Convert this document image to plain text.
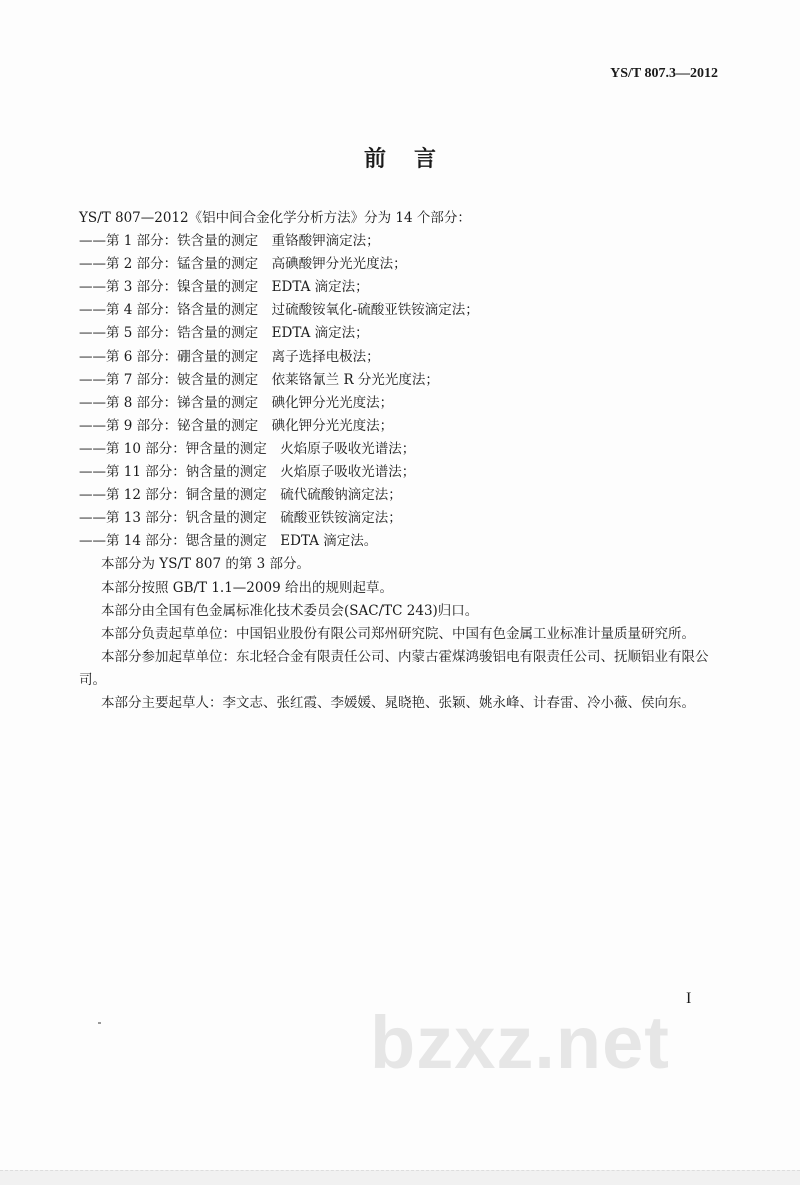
YS/T 807.3—2012
前言
YS/T 807—2012《铝中间合金化学分析方法》分为 14 个部分：
——第 1 部分：铁含量的测定　 重铬酸钾滴定法；
——第 2 部分：锰含量的测定　 高碘酸钾分光光度法；
——第 3 部分：镍含量的测定　 EDTA 滴定法；
——第 4 部分：铬含量的测定　 过硫酸铵氧化-硫酸亚铁铵滴定法；
——第 5 部分：锆含量的测定　 EDTA 滴定法；
——第 6 部分：硼含量的测定　 离子选择电极法；
——第 7 部分：铍含量的测定　 依莱铬氰兰 R 分光光度法；
——第 8 部分：锑含量的测定　 碘化钾分光光度法；
——第 9 部分：铋含量的测定　 碘化钾分光光度法；
——第 10 部分：钾含量的测定　 火焰原子吸收光谱法；
——第 11 部分：钠含量的测定　 火焰原子吸收光谱法；
——第 12 部分：铜含量的测定　 硫代硫酸钠滴定法；
——第 13 部分：钒含量的测定　 硫酸亚铁铵滴定法；
——第 14 部分：锶含量的测定　 EDTA 滴定法。
本部分为 YS/T 807 的第 3 部分。
本部分按照 GB/T 1.1—2009 给出的规则起草。
本部分由全国有色金属标准化技术委员会(SAC/TC 243)归口。
本部分负责起草单位：中国铝业股份有限公司郑州研究院、中国有色金属工业标准计量质量研究所。
本部分参加起草单位：东北轻合金有限责任公司、内蒙古霍煤鸿骏铝电有限责任公司、抚顺铝业有限公司。
本部分主要起草人：李文志、张红霞、李媛媛、晁晓艳、张颖、姚永峰、计春雷、冷小薇、侯向东。
I
bzxz.net
